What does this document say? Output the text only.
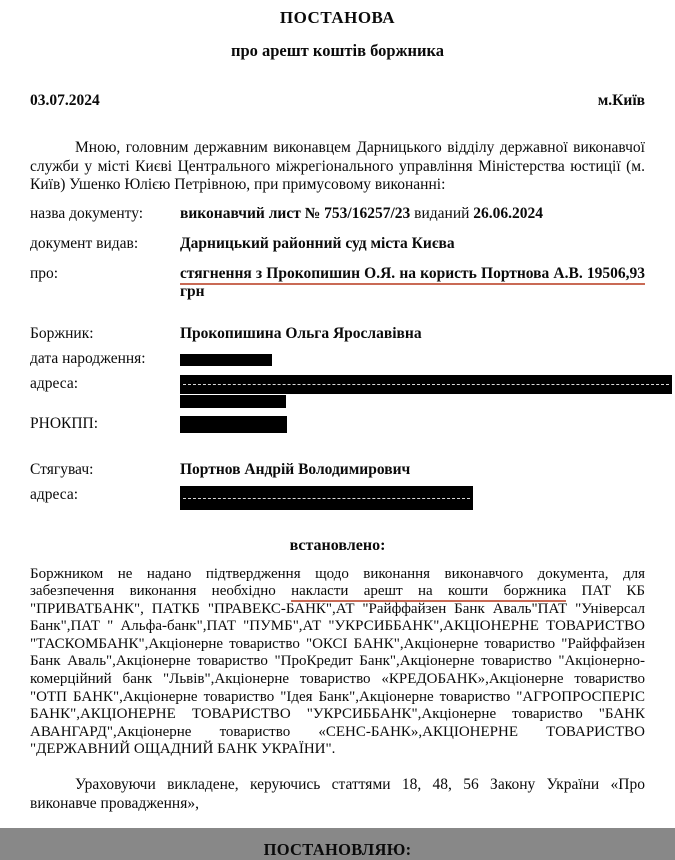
ПОСТАНОВА
про арешт коштів боржника
03.07.2024	м.Київ
Мною, головним державним виконавцем Дарницького відділу державної виконавчої служби у місті Києві Центрального міжрегіонального управління Міністерства юстиції (м. Київ) Ушенко Юлією Петрівною, при примусовому виконанні:
назва документу:	виконавчий лист № 753/16257/23 виданий 26.06.2024
документ видав:	Дарницький районний суд міста Києва
про:	стягнення з Прокопишин О.Я. на користь Портнова А.В. 19506,93 грн
Боржник:	Прокопишина Ольга Ярославівна
дата народження:
адреса:
РНОКПП:
Стягувач:	Портнов Андрій Володимирович
адреса:
встановлено:
Боржником не надано підтвердження щодо виконання виконавчого документа, для забезпечення виконання необхідно накласти арешт на кошти боржника ПАТ КБ "ПРИВАТБАНК", ПАТКБ "ПРАВЕКС-БАНК",АТ "Райффайзен Банк Аваль"ПАТ "Універсал Банк",ПАТ " Альфа-банк",ПАТ "ПУМБ",АТ "УКРСИББАНК",АКЦІОНЕРНЕ ТОВАРИСТВО "ТАСКОМБАНК",Акціонерне товариство "ОКСІ БАНК",Акціонерне товариство "Райффайзен Банк Аваль",Акціонерне товариство "ПроКредит Банк",Акціонерне товариство "Акціонерно-комерційний банк "Львів",Акціонерне товариство «КРЕДОБАНК»,Акціонерне товариство "ОТП БАНК",Акціонерне товариство "Ідея Банк",Акціонерне товариство "АГРОПРОСПЕРІС БАНК",АКЦІОНЕРНЕ ТОВАРИСТВО "УКРСИББАНК",Акціонерне товариство "БАНК АВАНГАРД",Акціонерне товариство «СЕНС-БАНК»,АКЦІОНЕРНЕ ТОВАРИСТВО "ДЕРЖАВНИЙ ОЩАДНИЙ БАНК УКРАЇНИ".
Ураховуючи викладене, керуючись статтями 18, 48, 56 Закону України «Про виконавче провадження»,
ПОСТАНОВЛЯЮ:
